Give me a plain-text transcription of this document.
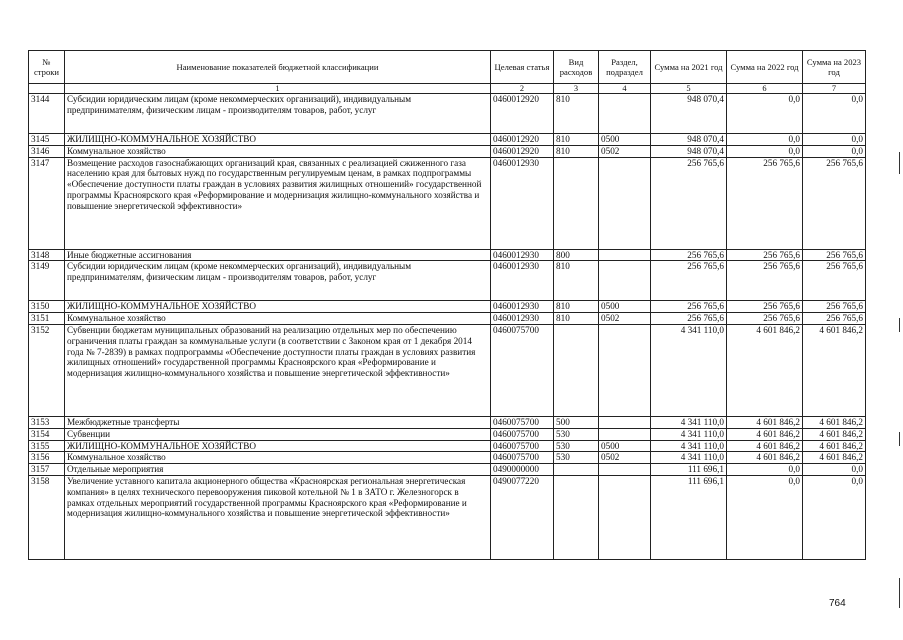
№ строки	Наименование показателей бюджетной классификации	Целевая статья	Вид расходов	Раздел, подраздел	Сумма на 2021 год	Сумма на 2022 год	Сумма на 2023 год
	1	2	3	4	5	6	7
3144	Субсидии юридическим лицам (кроме некоммерческих организаций), индивидуальным предпринимателям, физическим лицам - производителям товаров, работ, услуг	0460012920	810		948 070,4	0,0	0,0
3145	ЖИЛИЩНО-КОММУНАЛЬНОЕ ХОЗЯЙСТВО	0460012920	810	0500	948 070,4	0,0	0,0
3146	Коммунальное хозяйство	0460012920	810	0502	948 070,4	0,0	0,0
3147	Возмещение расходов газоснабжающих организаций края, связанных с реализацией сжиженного газа населению края для бытовых нужд по государственным регулируемым ценам, в рамках подпрограммы «Обеспечение доступности платы граждан в условиях развития жилищных отношений» государственной программы Красноярского края «Реформирование и модернизация жилищно-коммунального хозяйства и повышение энергетической эффективности»	0460012930			256 765,6	256 765,6	256 765,6
3148	Иные бюджетные ассигнования	0460012930	800		256 765,6	256 765,6	256 765,6
3149	Субсидии юридическим лицам (кроме некоммерческих организаций), индивидуальным предпринимателям, физическим лицам - производителям товаров, работ, услуг	0460012930	810		256 765,6	256 765,6	256 765,6
3150	ЖИЛИЩНО-КОММУНАЛЬНОЕ ХОЗЯЙСТВО	0460012930	810	0500	256 765,6	256 765,6	256 765,6
3151	Коммунальное хозяйство	0460012930	810	0502	256 765,6	256 765,6	256 765,6
3152	Субвенции бюджетам муниципальных образований на реализацию отдельных мер по обеспечению ограничения платы граждан за коммунальные услуги (в соответствии с Законом края от 1 декабря 2014 года № 7-2839) в рамках подпрограммы «Обеспечение доступности платы граждан в условиях развития жилищных отношений» государственной программы Красноярского края «Реформирование и модернизация жилищно-коммунального хозяйства и повышение энергетической эффективности»	0460075700			4 341 110,0	4 601 846,2	4 601 846,2
3153	Межбюджетные трансферты	0460075700	500		4 341 110,0	4 601 846,2	4 601 846,2
3154	Субвенции	0460075700	530		4 341 110,0	4 601 846,2	4 601 846,2
3155	ЖИЛИЩНО-КОММУНАЛЬНОЕ ХОЗЯЙСТВО	0460075700	530	0500	4 341 110,0	4 601 846,2	4 601 846,2
3156	Коммунальное хозяйство	0460075700	530	0502	4 341 110,0	4 601 846,2	4 601 846,2
3157	Отдельные мероприятия	0490000000			111 696,1	0,0	0,0
3158	Увеличение уставного капитала акционерного общества «Красноярская региональная энергетическая компания» в целях технического перевооружения пиковой котельной № 1 в ЗАТО г. Железногорск в рамках отдельных мероприятий государственной программы Красноярского края «Реформирование и модернизация жилищно-коммунального хозяйства и повышение энергетической эффективности»	0490077220			111 696,1	0,0	0,0
764
